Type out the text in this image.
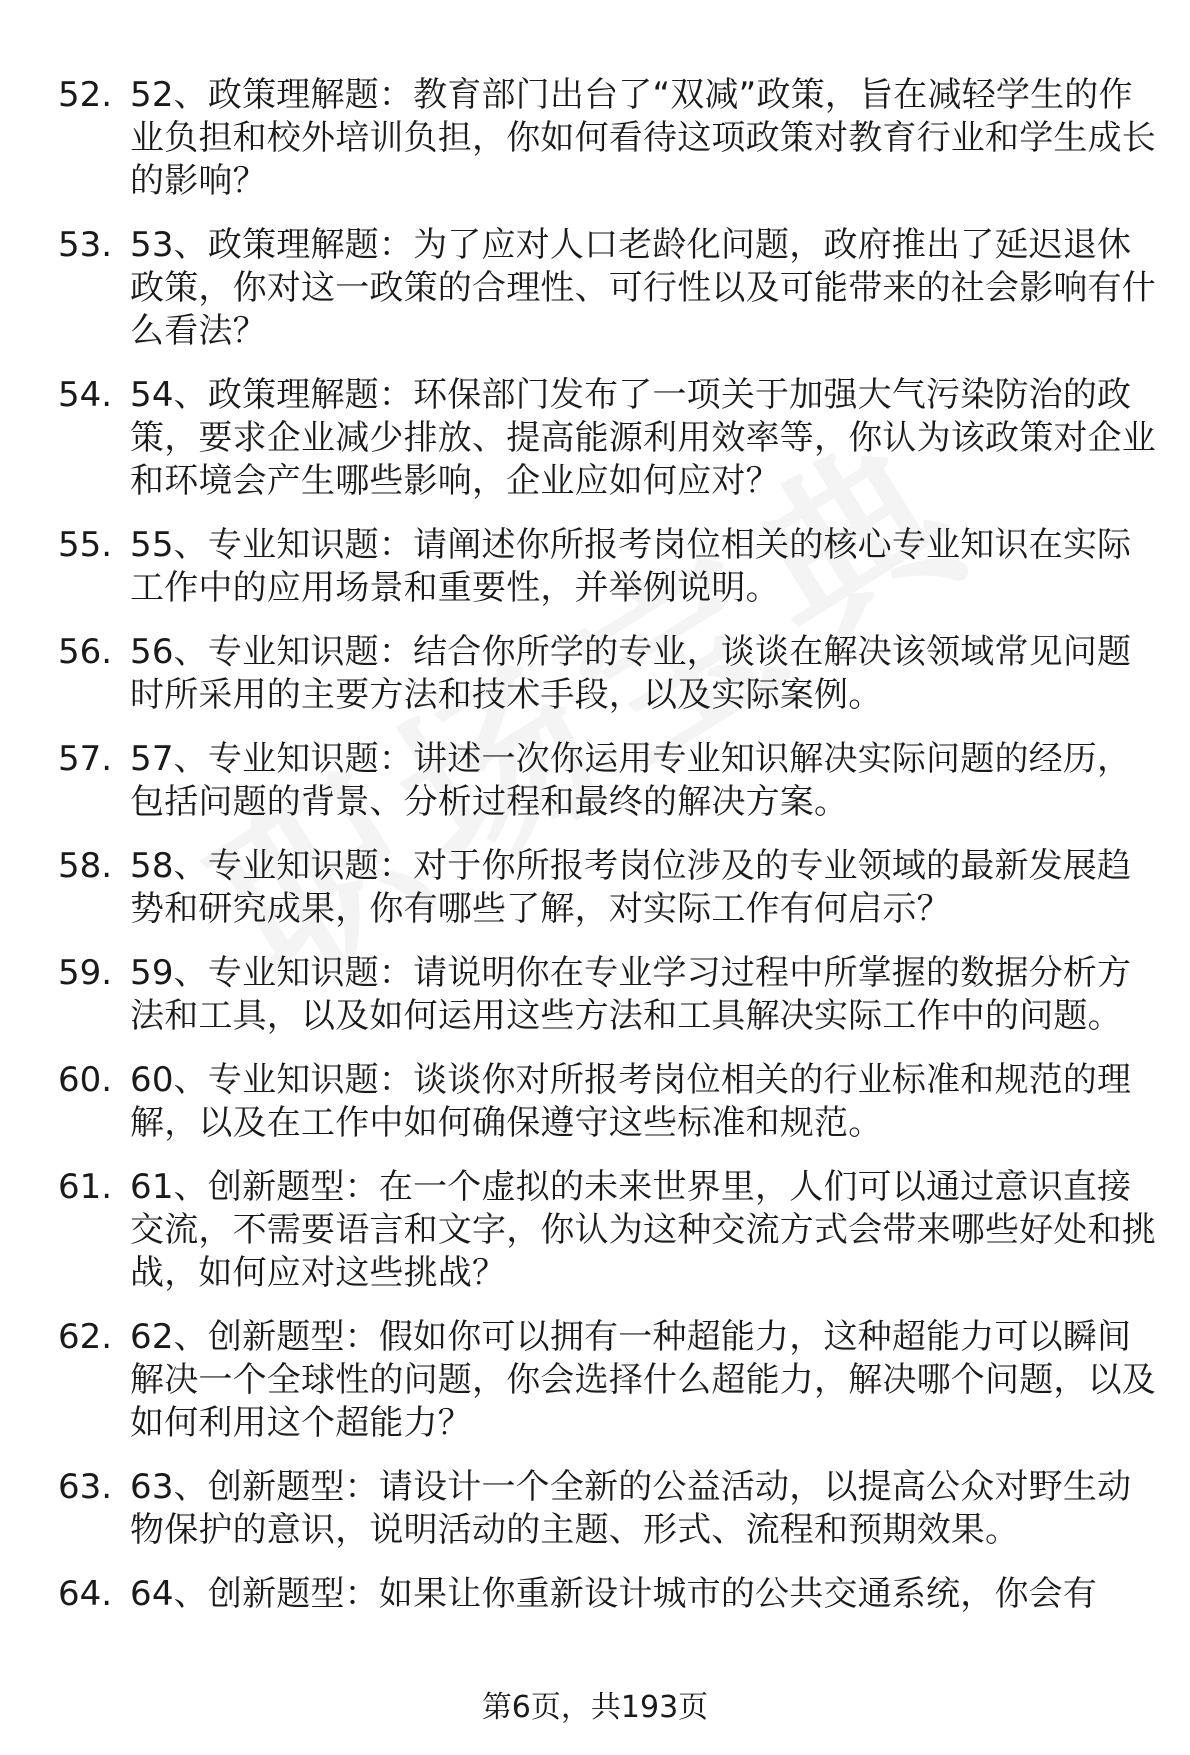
52. 52、政策理解题：教育部门出台了“双减”政策，旨在减轻学生的作业负担和校外培训负担，你如何看待这项政策对教育行业和学生成长的影响？
53. 53、政策理解题：为了应对人口老龄化问题，政府推出了延迟退休政策，你对这一政策的合理性、可行性以及可能带来的社会影响有什么看法？
54. 54、政策理解题：环保部门发布了一项关于加强大气污染防治的政策，要求企业减少排放、提高能源利用效率等，你认为该政策对企业和环境会产生哪些影响，企业应如何应对？
55. 55、专业知识题：请阐述你所报考岗位相关的核心专业知识在实际工作中的应用场景和重要性，并举例说明。
56. 56、专业知识题：结合你所学的专业，谈谈在解决该领域常见问题时所采用的主要方法和技术手段，以及实际案例。
57. 57、专业知识题：讲述一次你运用专业知识解决实际问题的经历，包括问题的背景、分析过程和最终的解决方案。
58. 58、专业知识题：对于你所报考岗位涉及的专业领域的最新发展趋势和研究成果，你有哪些了解，对实际工作有何启示？
59. 59、专业知识题：请说明你在专业学习过程中所掌握的数据分析方法和工具，以及如何运用这些方法和工具解决实际工作中的问题。
60. 60、专业知识题：谈谈你对所报考岗位相关的行业标准和规范的理解，以及在工作中如何确保遵守这些标准和规范。
61. 61、创新题型：在一个虚拟的未来世界里，人们可以通过意识直接交流，不需要语言和文字，你认为这种交流方式会带来哪些好处和挑战，如何应对这些挑战？
62. 62、创新题型：假如你可以拥有一种超能力，这种超能力可以瞬间解决一个全球性的问题，你会选择什么超能力，解决哪个问题，以及如何利用这个超能力？
63. 63、创新题型：请设计一个全新的公益活动，以提高公众对野生动物保护的意识，说明活动的主题、形式、流程和预期效果。
64. 64、创新题型：如果让你重新设计城市的公共交通系统，你会有
第6页，共193页
